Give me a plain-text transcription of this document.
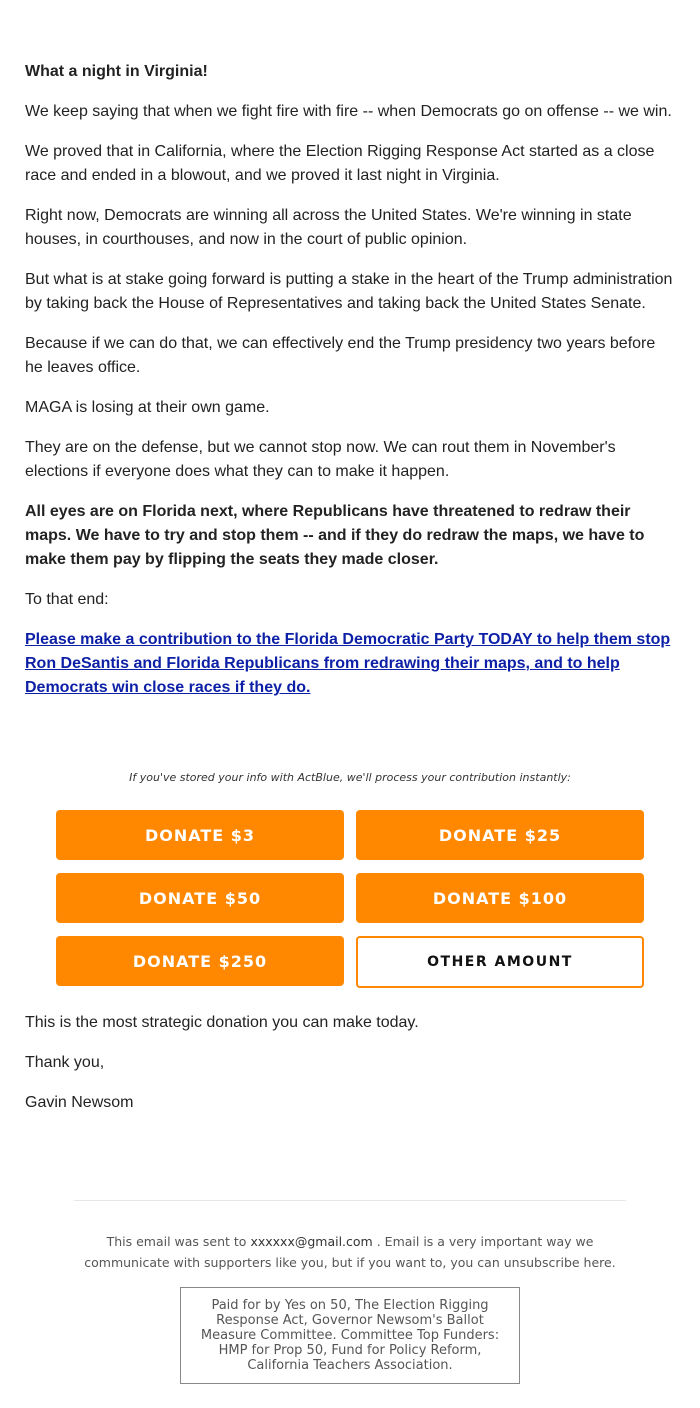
What a night in Virginia!

We keep saying that when we fight fire with fire -- when Democrats go on offense -- we win.

We proved that in California, where the Election Rigging Response Act started as a close race and ended in a blowout, and we proved it last night in Virginia.

Right now, Democrats are winning all across the United States. We're winning in state houses, in courthouses, and now in the court of public opinion.

But what is at stake going forward is putting a stake in the heart of the Trump administration by taking back the House of Representatives and taking back the United States Senate.

Because if we can do that, we can effectively end the Trump presidency two years before he leaves office.

MAGA is losing at their own game.

They are on the defense, but we cannot stop now. We can rout them in November's elections if everyone does what they can to make it happen.

All eyes are on Florida next, where Republicans have threatened to redraw their maps. We have to try and stop them -- and if they do redraw the maps, we have to make them pay by flipping the seats they made closer.

To that end:

Please make a contribution to the Florida Democratic Party TODAY to help them stop Ron DeSantis and Florida Republicans from redrawing their maps, and to help Democrats win close races if they do.

If you've stored your info with ActBlue, we'll process your contribution instantly:
DONATE $3	DONATE $25
DONATE $50	DONATE $100
DONATE $250	OTHER AMOUNT

This is the most strategic donation you can make today.

Thank you,

Gavin Newsom

This email was sent to xxxxxx@gmail.com . Email is a very important way we communicate with supporters like you, but if you want to, you can unsubscribe here.
Paid for by Yes on 50, The Election Rigging Response Act, Governor Newsom's Ballot Measure Committee. Committee Top Funders: HMP for Prop 50, Fund for Policy Reform, California Teachers Association.
